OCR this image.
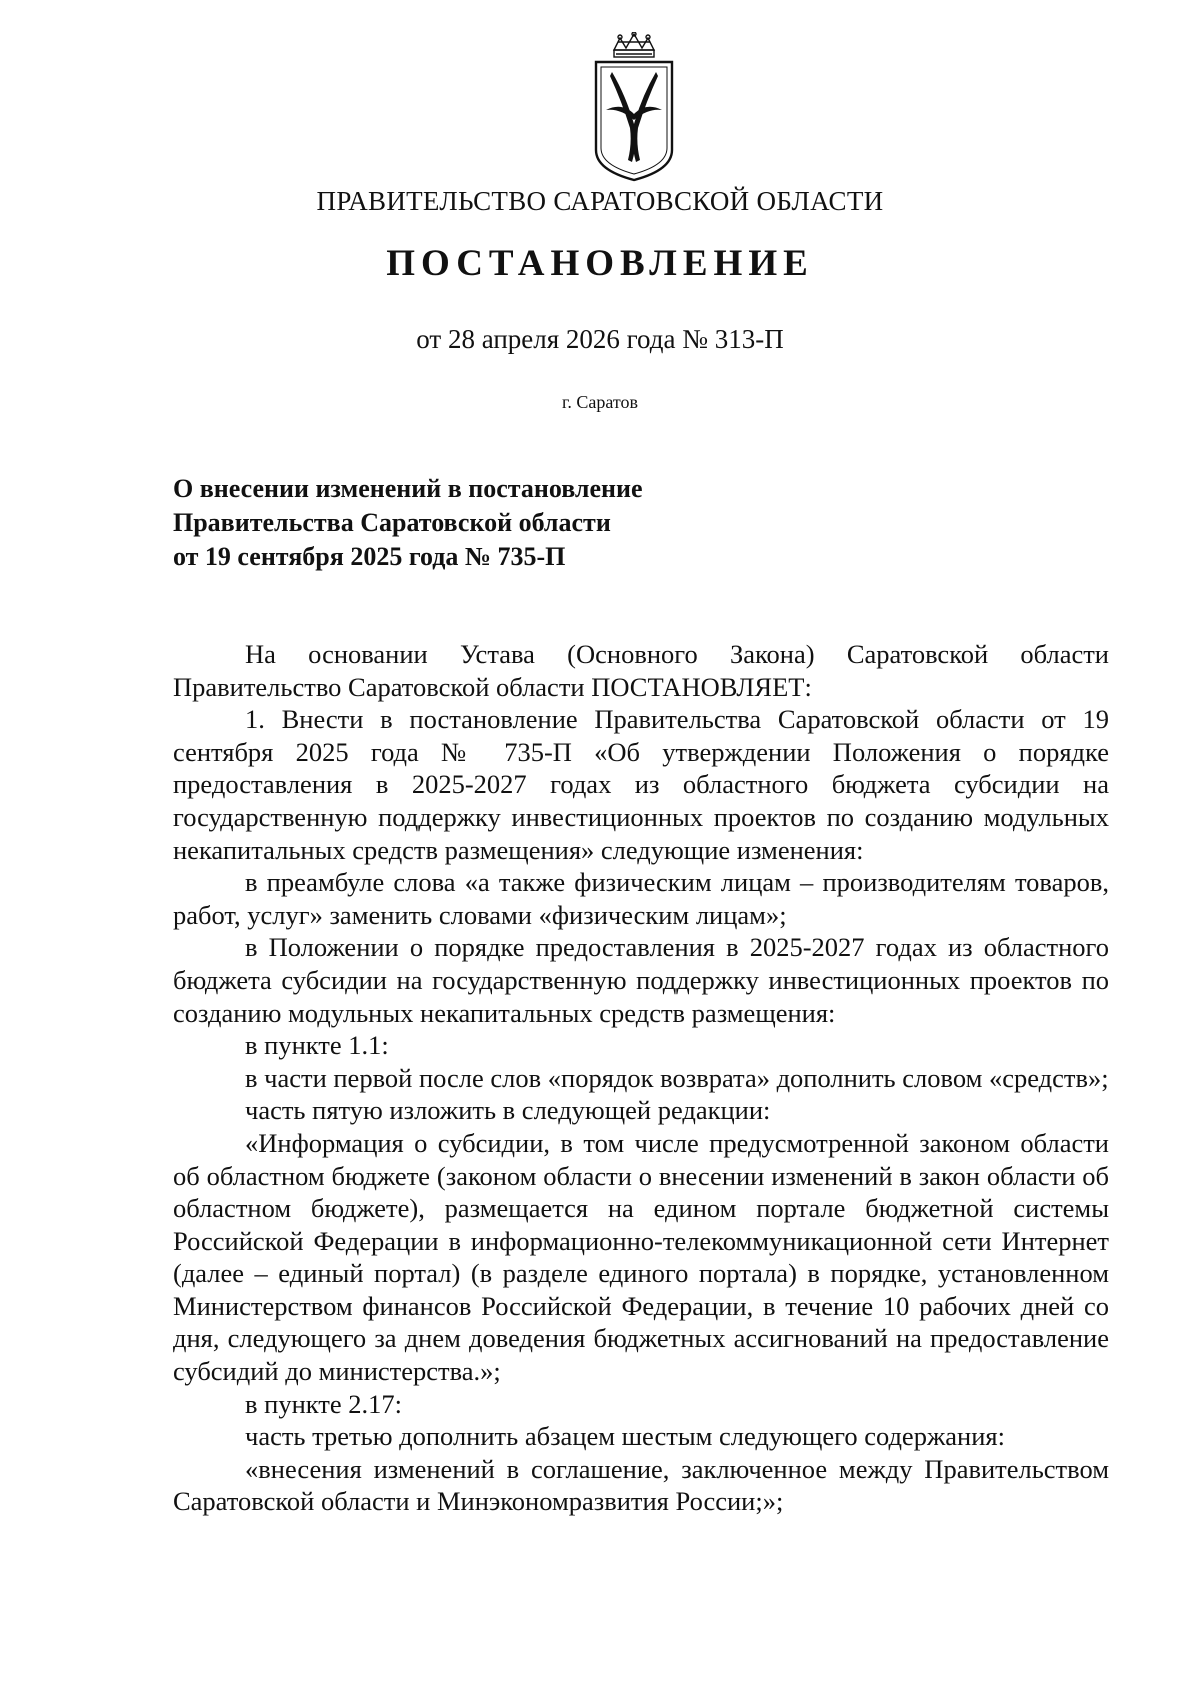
ПРАВИТЕЛЬСТВО САРАТОВСКОЙ ОБЛАСТИ
ПОСТАНОВЛЕНИЕ
от 28 апреля 2026 года № 313-П
г. Саратов
О внесении изменений в постановление
Правительства Саратовской области
от 19 сентября 2025 года № 735-П

На основании Устава (Основного Закона) Саратовской области Правительство Саратовской области ПОСТАНОВЛЯЕТ:

1. Внести в постановление Правительства Саратовской области от 19 сентября 2025 года № 735-П «Об утверждении Положения о порядке предоставления в 2025-2027 годах из областного бюджета субсидии на государственную поддержку инвестиционных проектов по созданию модульных некапитальных средств размещения» следующие изменения:

в преамбуле слова «а также физическим лицам – производителям товаров, работ, услуг» заменить словами «физическим лицам»;

в Положении о порядке предоставления в 2025-2027 годах из областного бюджета субсидии на государственную поддержку инвестиционных проектов по созданию модульных некапитальных средств размещения:

в пункте 1.1:

в части первой после слов «порядок возврата» дополнить словом «средств»;

часть пятую изложить в следующей редакции:

«Информация о субсидии, в том числе предусмотренной законом области об областном бюджете (законом области о внесении изменений в закон области об областном бюджете), размещается на едином портале бюджетной системы Российской Федерации в информационно-телекоммуникационной сети Интернет (далее – единый портал) (в разделе единого портала) в порядке, установленном Министерством финансов Российской Федерации, в течение 10 рабочих дней со дня, следующего за днем доведения бюджетных ассигнований на предоставление субсидий до министерства.»;

в пункте 2.17:

часть третью дополнить абзацем шестым следующего содержания:

«внесения изменений в соглашение, заключенное между Правительством Саратовской области и Минэкономразвития России;»;
